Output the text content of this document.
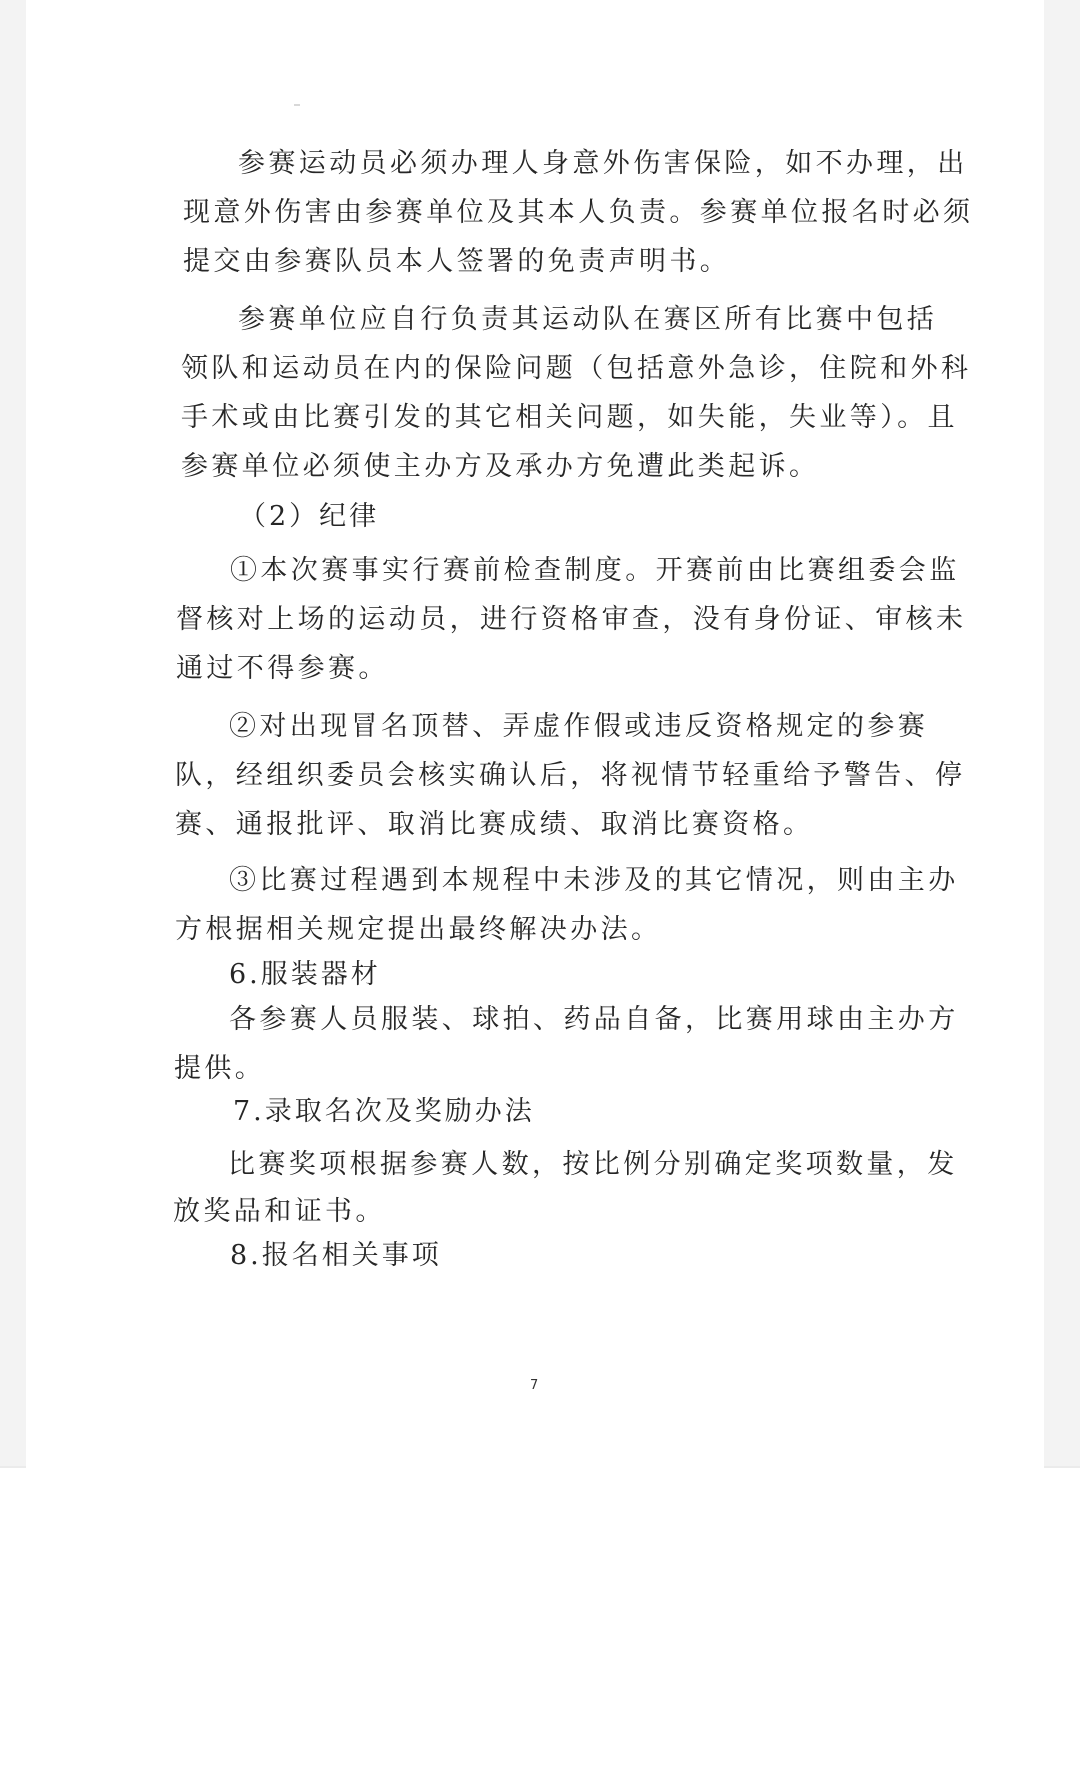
参赛运动员必须办理人身意外伤害保险，如不办理，出

现意外伤害由参赛单位及其本人负责。参赛单位报名时必须

提交由参赛队员本人签署的免责声明书。

参赛单位应自行负责其运动队在赛区所有比赛中包括

领队和运动员在内的保险问题（包括意外急诊，住院和外科

手术或由比赛引发的其它相关问题，如失能，失业等）。且

参赛单位必须使主办方及承办方免遭此类起诉。

（2）纪律

①本次赛事实行赛前检查制度。开赛前由比赛组委会监

督核对上场的运动员，进行资格审查，没有身份证、审核未

通过不得参赛。

②对出现冒名顶替、弄虚作假或违反资格规定的参赛

队，经组织委员会核实确认后，将视情节轻重给予警告、停

赛、通报批评、取消比赛成绩、取消比赛资格。

③比赛过程遇到本规程中未涉及的其它情况，则由主办

方根据相关规定提出最终解决办法。

6.服装器材

各参赛人员服装、球拍、药品自备，比赛用球由主办方

提供。

7.录取名次及奖励办法

比赛奖项根据参赛人数，按比例分别确定奖项数量，发

放奖品和证书。

8.报名相关事项

7
